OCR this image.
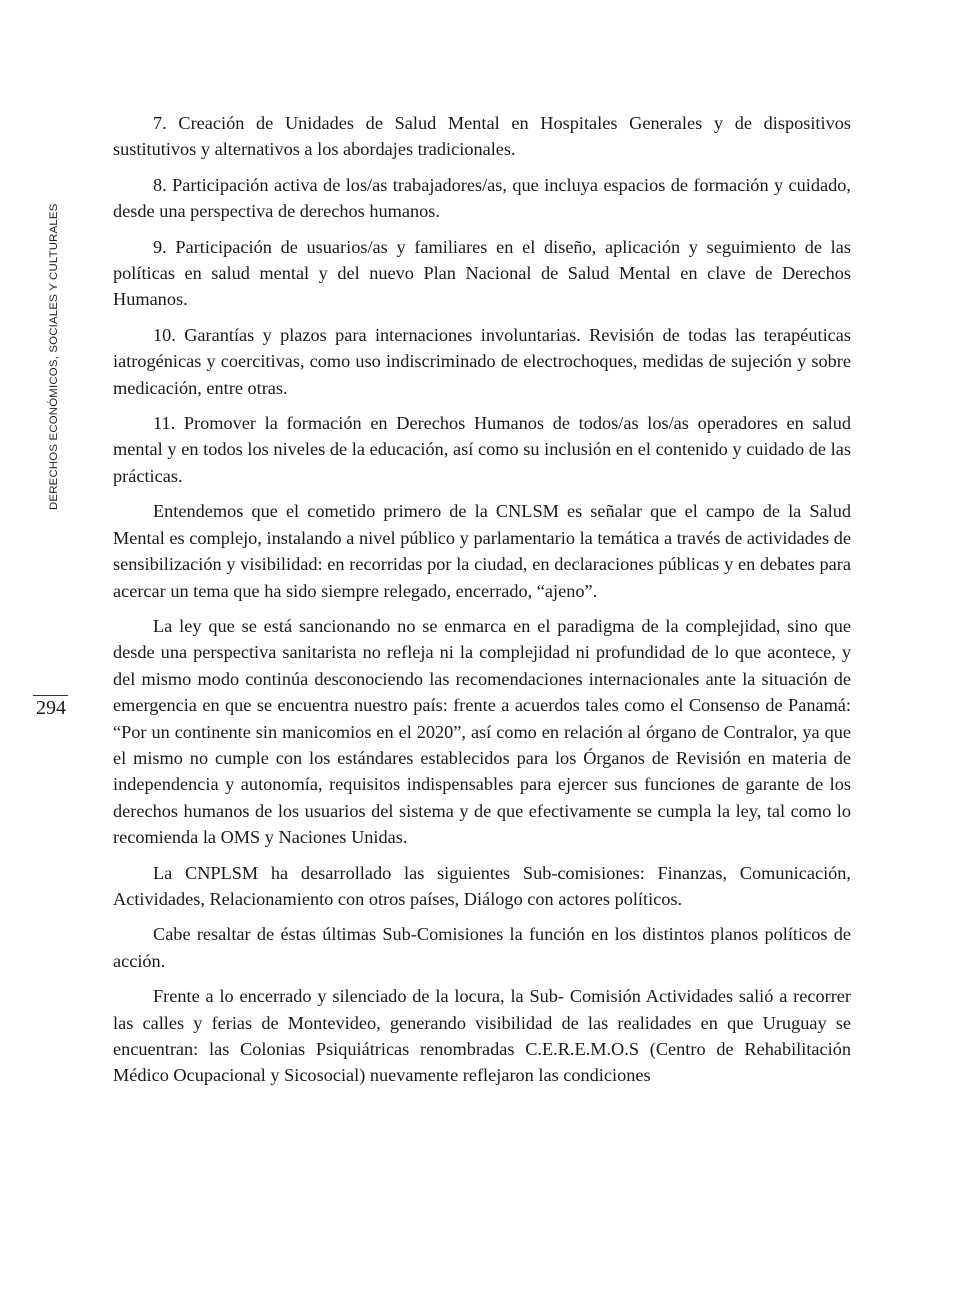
DERECHOS ECONÓMICOS, SOCIALES Y CULTURALES
294

7. Creación de Unidades de Salud Mental en Hospitales Generales y de dispositivos sustitutivos y alternativos a los abordajes tradicionales.

8. Participación activa de los/as trabajadores/as, que incluya espacios de formación y cuidado, desde una perspectiva de derechos humanos.

9. Participación de usuarios/as y familiares en el diseño, aplicación y seguimiento de las políticas en salud mental y del nuevo Plan Nacional de Salud Mental en clave de Derechos Humanos.

10. Garantías y plazos para internaciones involuntarias. Revisión de todas las terapéuticas iatrogénicas y coercitivas, como uso indiscriminado de electrochoques, medidas de sujeción y sobre medicación, entre otras.

11. Promover la formación en Derechos Humanos de todos/as los/as operadores en salud mental y en todos los niveles de la educación, así como su inclusión en el contenido y cuidado de las prácticas.

Entendemos que el cometido primero de la CNLSM es señalar que el campo de la Salud Mental es complejo, instalando a nivel público y parlamentario la temática a través de actividades de sensibilización y visibilidad: en recorridas por la ciudad, en declaraciones públicas y en debates para acercar un tema que ha sido siempre relegado, encerrado, “ajeno”.

La ley que se está sancionando no se enmarca en el paradigma de la complejidad, sino que desde una perspectiva sanitarista no refleja ni la complejidad ni profundidad de lo que acontece, y del mismo modo continúa desconociendo las recomendaciones internacionales ante la situación de emergencia en que se encuentra nuestro país: frente a acuerdos tales como el Consenso de Panamá: “Por un continente sin manicomios en el 2020”, así como en relación al órgano de Contralor, ya que el mismo no cumple con los estándares establecidos para los Órganos de Revisión en materia de independencia y autonomía, requisitos indispensables para ejercer sus funciones de garante de los derechos humanos de los usuarios del sistema y de que efectivamente se cumpla la ley, tal como lo recomienda la OMS y Naciones Unidas.

La CNPLSM ha desarrollado las siguientes Sub-comisiones: Finanzas, Comunicación, Actividades, Relacionamiento con otros países, Diálogo con actores políticos.

Cabe resaltar de éstas últimas Sub-Comisiones la función en los distintos planos políticos de acción.

Frente a lo encerrado y silenciado de la locura, la Sub- Comisión Actividades salió a recorrer las calles y ferias de Montevideo, generando visibilidad de las realidades en que Uruguay se encuentran: las Colonias Psiquiátricas renombradas C.E.R.E.M.O.S (Centro de Rehabilitación Médico Ocupacional y Sicosocial) nuevamente reflejaron las condiciones
